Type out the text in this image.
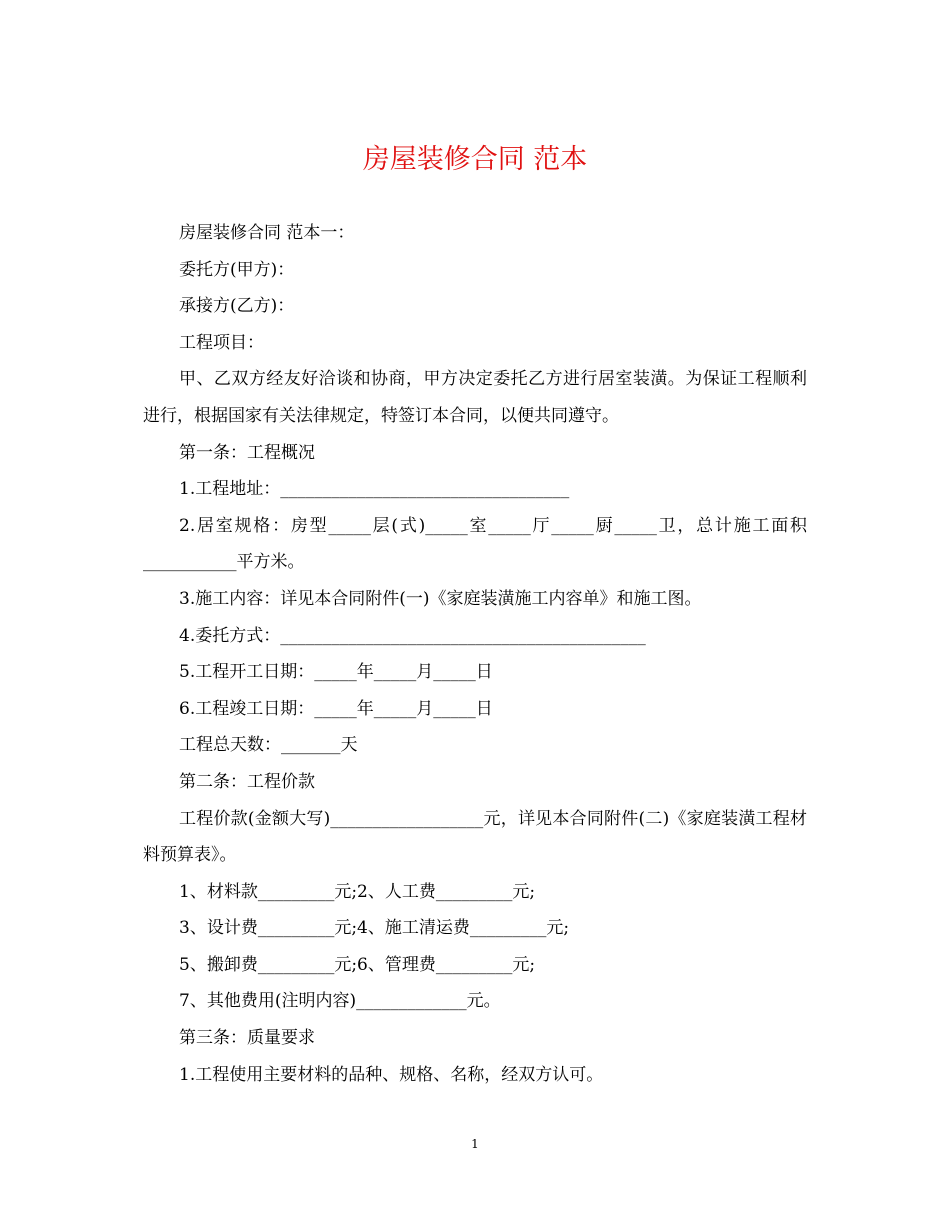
房屋装修合同 范本

房屋装修合同 范本一：

委托方(甲方)：

承接方(乙方)：

工程项目：

甲、乙双方经友好洽谈和协商，甲方决定委托乙方进行居室装潢。为保证工程顺利进行，根据国家有关法律规定，特签订本合同，以便共同遵守。

第一条：工程概况

1.工程地址：__________________________________

2.居室规格：房型_____层(式)_____室_____厅_____厨_____卫，总计施工面积___________平方米。

3.施工内容：详见本合同附件(一)《家庭装潢施工内容单》和施工图。

4.委托方式：___________________________________________

5.工程开工日期：_____年_____月_____日

6.工程竣工日期：_____年_____月_____日

工程总天数：_______天

第二条：工程价款

工程价款(金额大写)__________________元，详见本合同附件(二)《家庭装潢工程材料预算表》。

1、材料款_________元;2、人工费_________元;

3、设计费_________元;4、施工清运费_________元;

5、搬卸费_________元;6、管理费_________元;

7、其他费用(注明内容)_____________元。

第三条：质量要求

1.工程使用主要材料的品种、规格、名称，经双方认可。

1
